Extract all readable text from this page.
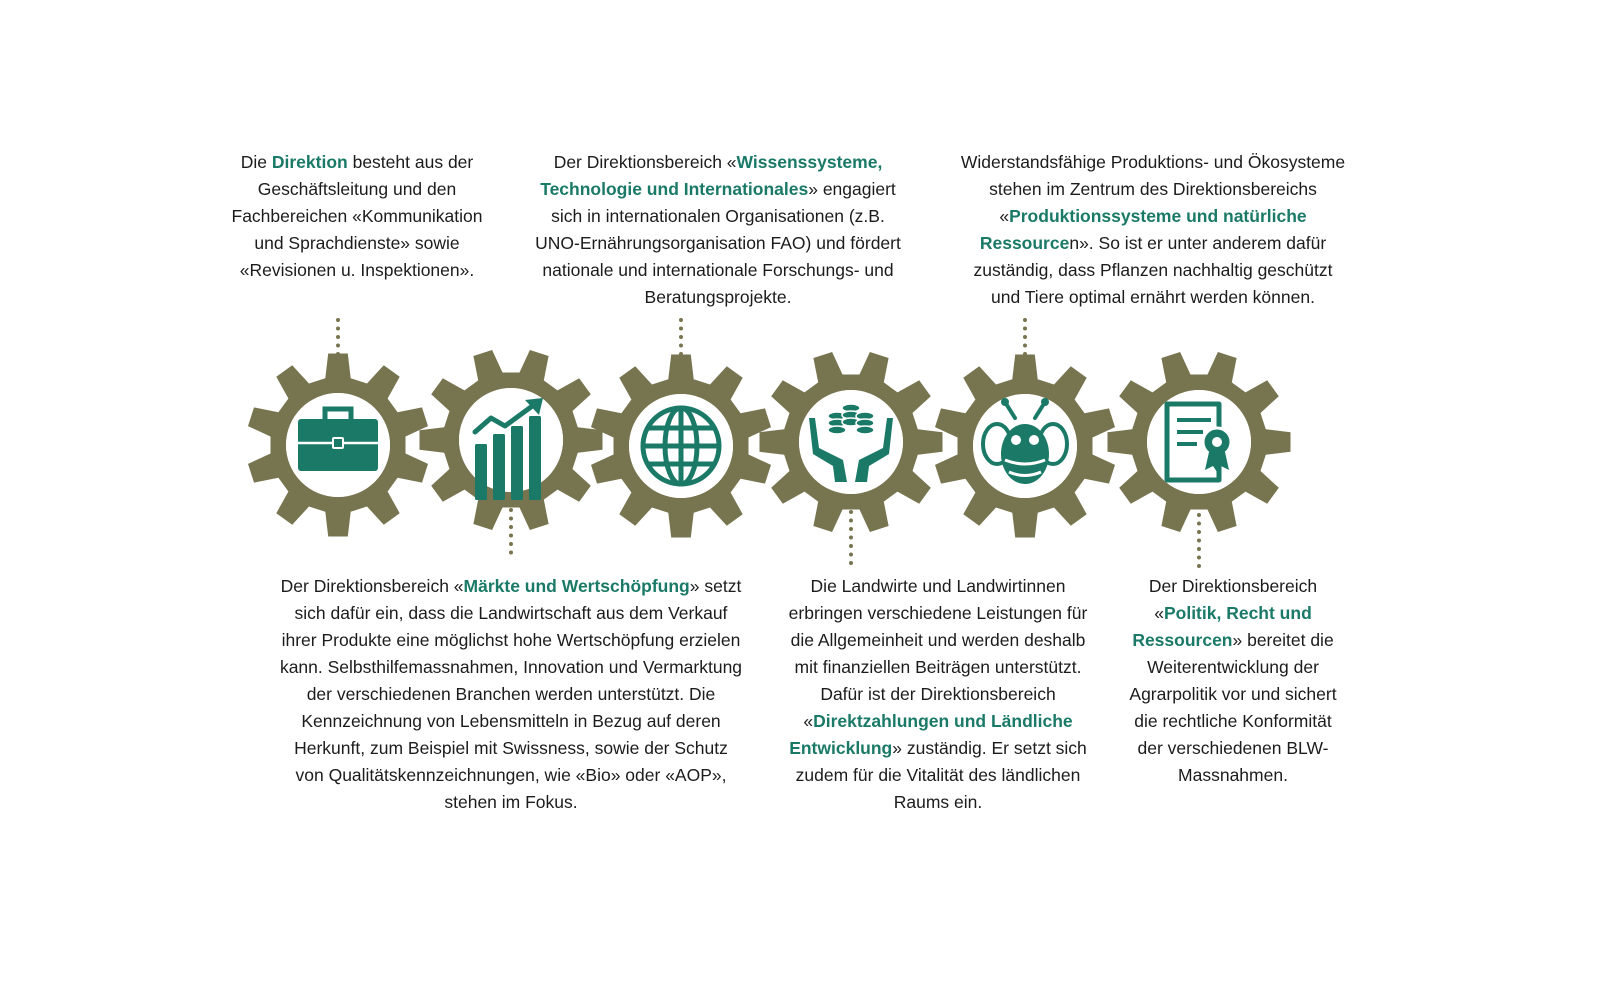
Die Direktion besteht aus der Geschäftsleitung und den Fachbereichen «Kommunikation und Sprachdienste» sowie «Revisionen u. Inspektionen».
Der Direktionsbereich «Wissenssysteme, Technologie und Internationales» engagiert sich in internationalen Organisationen (z.B. UNO-Ernährungsorganisation FAO) und fördert nationale und internationale Forschungs- und Beratungsprojekte.
Widerstandsfähige Produktions- und Ökosysteme stehen im Zentrum des Direktionsbereichs «Produktionssysteme und natürliche Ressourcen». So ist er unter anderem dafür zuständig, dass Pflanzen nachhaltig geschützt und Tiere optimal ernährt werden können.
Der Direktionsbereich «Märkte und Wertschöpfung» setzt sich dafür ein, dass die Landwirtschaft aus dem Verkauf ihrer Produkte eine möglichst hohe Wertschöpfung erzielen kann. Selbsthilfemassnahmen, Innovation und Vermarktung der verschiedenen Branchen werden unterstützt. Die Kennzeichnung von Lebensmitteln in Bezug auf deren Herkunft, zum Beispiel mit Swissness, sowie der Schutz von Qualitätskennzeichnungen, wie «Bio» oder «AOP», stehen im Fokus.
Die Landwirte und Landwirtinnen erbringen verschiedene Leistungen für die Allgemeinheit und werden deshalb mit finanziellen Beiträgen unterstützt. Dafür ist der Direktionsbereich «Direktzahlungen und Ländliche Entwicklung» zuständig. Er setzt sich zudem für die Vitalität des ländlichen Raums ein.
Der Direktionsbereich «Politik, Recht und Ressourcen» bereitet die Weiterentwicklung der Agrarpolitik vor und sichert die rechtliche Konformität der verschiedenen BLW-Massnahmen.
